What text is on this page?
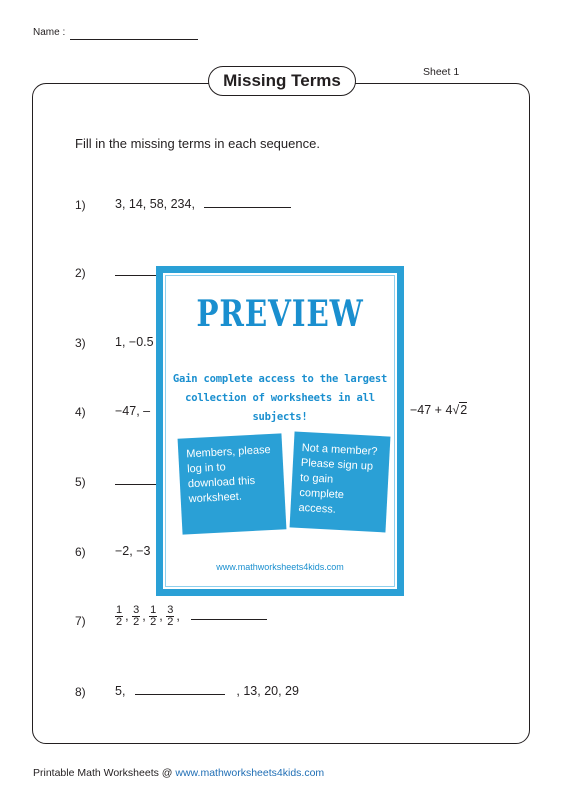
Name :
Sheet 1
Missing Terms
Fill in the missing terms in each sequence.
1) 3, 14, 58, 234,
2)
3) 1, −0.5
4) −47, –	−47 + 4√2
5)
6) −2, −3
7)	$\frac{1}{2}$ , $\frac{3}{2}$ , $\frac{1}{2}$ , $\frac{3}{2}$ ,
8) 5,	, 13, 20, 29
PREVIEW
Gain complete access to the largest
collection of worksheets in all subjects!
Members, please log in to download this worksheet.
Not a member? Please sign up to gain complete access.
www.mathworksheets4kids.com
Printable Math Worksheets @ www.mathworksheets4kids.com
